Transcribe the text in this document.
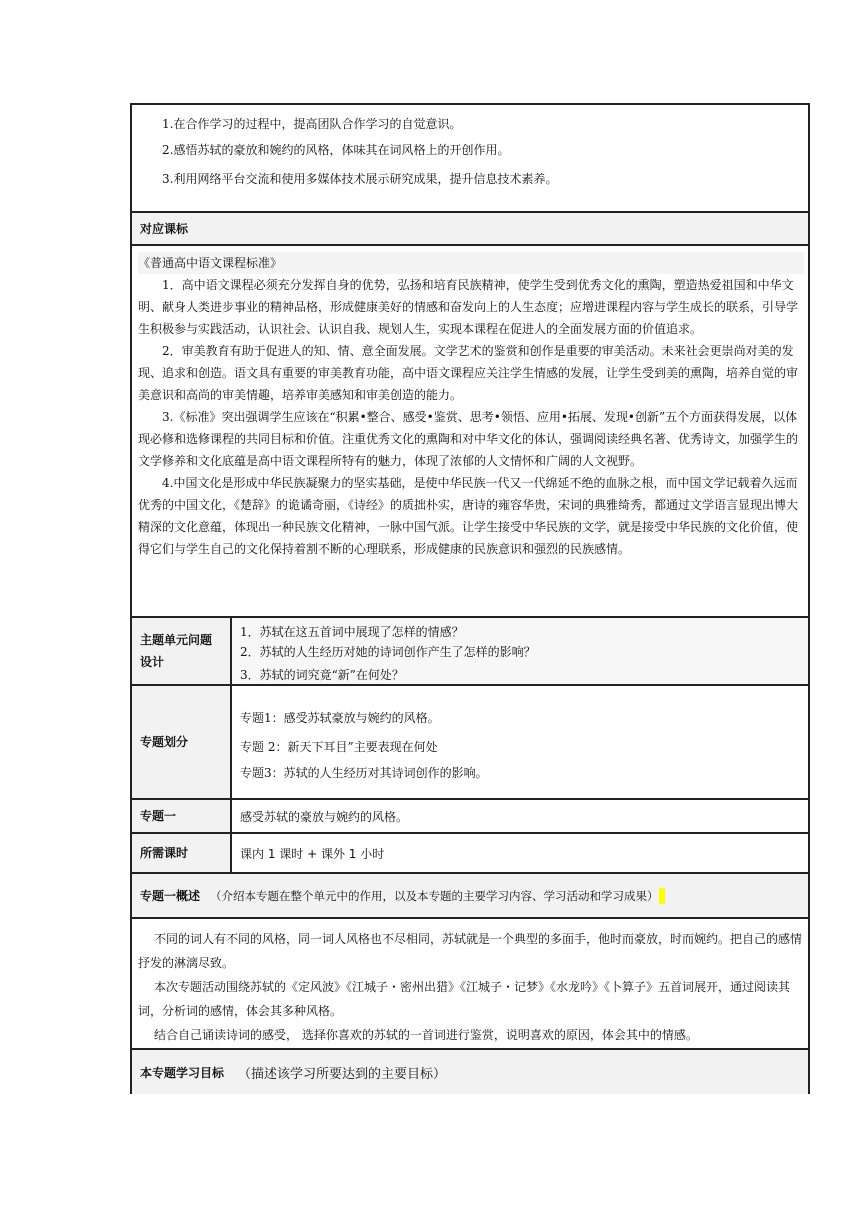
1.在合作学习的过程中，提高团队合作学习的自觉意识。
2.感悟苏轼的豪放和婉约的风格，体味其在词风格上的开创作用。
3.利用网络平台交流和使用多媒体技术展示研究成果，提升信息技术素养。
对应课标
《普通高中语文课程标准》
1．高中语文课程必须充分发挥自身的优势，弘扬和培育民族精神，使学生受到优秀文化的熏陶，塑造热爱祖国和中华文明、献身人类进步事业的精神品格，形成健康美好的情感和奋发向上的人生态度；应增进课程内容与学生成长的联系，引导学生积极参与实践活动，认识社会、认识自我、规划人生，实现本课程在促进人的全面发展方面的价值追求。
2．审美教育有助于促进人的知、情、意全面发展。文学艺术的鉴赏和创作是重要的审美活动。未来社会更崇尚对美的发现、追求和创造。语文具有重要的审美教育功能，高中语文课程应关注学生情感的发展，让学生受到美的熏陶，培养自觉的审美意识和高尚的审美情趣，培养审美感知和审美创造的能力。
3.《标准》突出强调学生应该在“积累•整合、感受•鉴赏、思考•领悟、应用•拓展、发现•创新”五个方面获得发展，以体现必修和选修课程的共同目标和价值。注重优秀文化的熏陶和对中华文化的体认，强调阅读经典名著、优秀诗文，加强学生的文学修养和文化底蕴是高中语文课程所特有的魅力，体现了浓郁的人文情怀和广阔的人文视野。
4.中国文化是形成中华民族凝聚力的坚实基础，是使中华民族一代又一代绵延不绝的血脉之根，而中国文学记载着久远而优秀的中国文化，《楚辞》的诡谲奇丽，《诗经》的质拙朴实，唐诗的雍容华贵，宋词的典雅绮秀，都通过文学语言显现出博大精深的文化意蕴，体现出一种民族文化精神，一脉中国气派。让学生接受中华民族的文学，就是接受中华民族的文化价值，使得它们与学生自己的文化保持着割不断的心理联系，形成健康的民族意识和强烈的民族感情。
主题单元问题设计
1．苏轼在这五首词中展现了怎样的情感？
2．苏轼的人生经历对她的诗词创作产生了怎样的影响？
3．苏轼的词究竟“新”在何处？
专题划分
专题1：感受苏轼豪放与婉约的风格。
专题 2：新天下耳目”主要表现在何处
专题3：苏轼的人生经历对其诗词创作的影响。
专题一	感受苏轼的豪放与婉约的风格。
所需课时	课内 1 课时 + 课外 1 小时
专题一概述 （介绍本专题在整个单元中的作用，以及本专题的主要学习内容、学习活动和学习成果）
不同的词人有不同的风格，同一词人风格也不尽相同，苏轼就是一个典型的多面手，他时而豪放，时而婉约。把自己的感情抒发的淋漓尽致。
本次专题活动围绕苏轼的《定风波》《江城子・密州出猎》《江城子・记梦》《水龙吟》《卜算子》五首词展开，通过阅读其词，分析词的感情，体会其多种风格。
结合自己诵读诗词的感受， 选择你喜欢的苏轼的一首词进行鉴赏，说明喜欢的原因，体会其中的情感。
本专题学习目标 （描述该学习所要达到的主要目标）
